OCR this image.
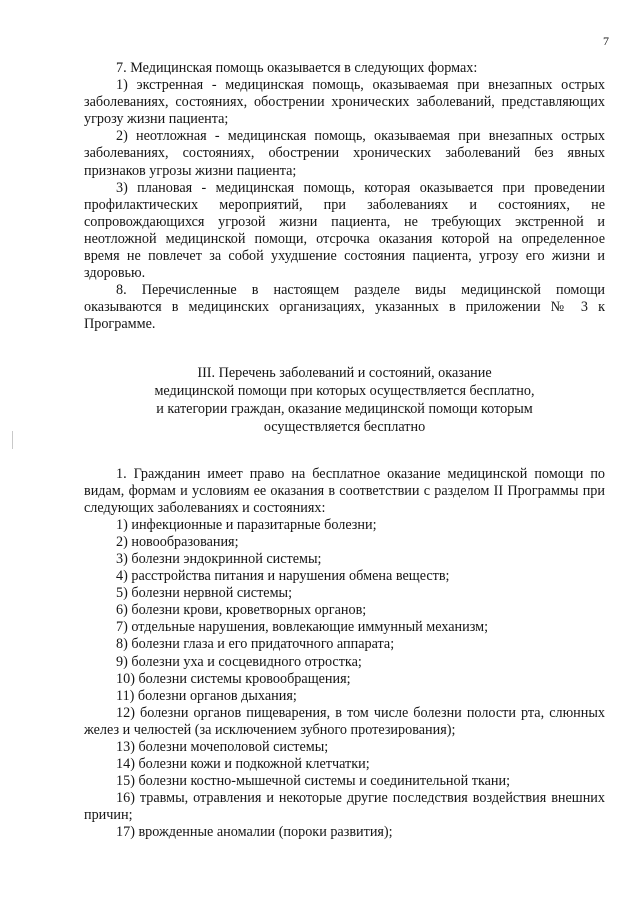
7

7. Медицинская помощь оказывается в следующих формах:

1) экстренная - медицинская помощь, оказываемая при внезапных острых заболеваниях, состояниях, обострении хронических заболеваний, представляющих угрозу жизни пациента;

2) неотложная - медицинская помощь, оказываемая при внезапных острых заболеваниях, состояниях, обострении хронических заболеваний без явных признаков угрозы жизни пациента;

3) плановая - медицинская помощь, которая оказывается при проведении профилактических мероприятий, при заболеваниях и состояниях, не сопровождающихся угрозой жизни пациента, не требующих экстренной и неотложной медицинской помощи, отсрочка оказания которой на определенное время не повлечет за собой ухудшение состояния пациента, угрозу его жизни и здоровью.

8. Перечисленные в настоящем разделе виды медицинской помощи оказываются в медицинских организациях, указанных в приложении № 3 к Программе.

III. Перечень заболеваний и состояний, оказание
медицинской помощи при которых осуществляется бесплатно,
и категории граждан, оказание медицинской помощи которым
осуществляется бесплатно

1. Гражданин имеет право на бесплатное оказание медицинской помощи по видам, формам и условиям ее оказания в соответствии с разделом II Программы при следующих заболеваниях и состояниях:

1) инфекционные и паразитарные болезни;
2) новообразования;
3) болезни эндокринной системы;
4) расстройства питания и нарушения обмена веществ;
5) болезни нервной системы;
6) болезни крови, кроветворных органов;
7) отдельные нарушения, вовлекающие иммунный механизм;
8) болезни глаза и его придаточного аппарата;
9) болезни уха и сосцевидного отростка;
10) болезни системы кровообращения;
11) болезни органов дыхания;
12) болезни органов пищеварения, в том числе болезни полости рта, слюнных желез и челюстей (за исключением зубного протезирования);
13) болезни мочеполовой системы;
14) болезни кожи и подкожной клетчатки;
15) болезни костно-мышечной системы и соединительной ткани;
16) травмы, отравления и некоторые другие последствия воздействия внешних причин;
17) врожденные аномалии (пороки развития);
